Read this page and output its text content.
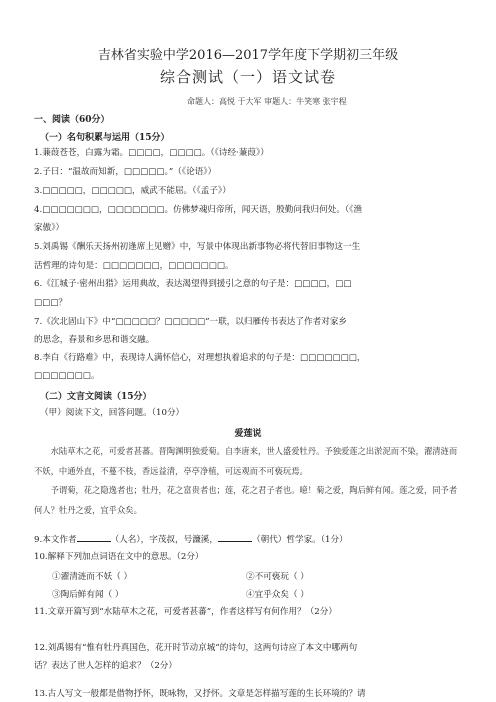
吉林省实验中学2016—2017学年度下学期初三年级
综合测试（一）语文试卷
命题人：高悦 于大军 审题人：牛笑寒 张宇程
一、阅读（60分）
（一）名句积累与运用（15分）
1.蒹葭苍苍，白露为霜。□□□□，□□□□。（《诗经·蒹葭》）
2.子曰：“温故而知新，□□□□□。”（《论语》）
3.□□□□□，□□□□□，威武不能屈。（《孟子》）
4.□□□□□□□，□□□□□□□。仿佛梦魂归帝所，闻天语，殷勤问我归何处。（《渔
家傲》）
5.刘禹锡《酬乐天扬州初逢席上见赠》中，写景中体现出新事物必将代替旧事物这一生
活哲理的诗句是：□□□□□□□，□□□□□□□。
6.《江城子·密州出猎》运用典故，表达渴望得到援引之意的句子是：□□□□，□□
□□□？
7.《次北固山下》中“□□□□□？□□□□□”一联，以归雁传书表达了作者对家乡
的思念，春景和乡思和谐交融。
8.李白《行路难》中，表现诗人满怀信心，对理想执着追求的句子是：□□□□□□□，
□□□□□□□。
（二）文言文阅读（15分）
（甲）阅读下文，回答问题。（10分）
爱莲说

水陆草木之花，可爱者甚蕃。晋陶渊明独爱菊。自李唐来，世人盛爱牡丹。予独爱莲之出淤泥而不染，濯清涟而不妖，中通外直，不蔓不枝，香远益清，亭亭净植，可远观而不可亵玩焉。

予谓菊，花之隐逸者也；牡丹，花之富贵者也；莲，花之君子者也。噫！菊之爱，陶后鲜有闻。莲之爱，同予者何人？牡丹之爱，宜乎众矣。

9.本文作者	（人名），字茂叔，号濂溪，	（朝代）哲学家。（1分）
10.解释下列加点词语在文中的意思。（2分）
①濯清涟而不妖（ ）	②不可亵玩（ ）
③陶后鲜有闻（ ）	④宜乎众矣（ ）
11.文章开篇写到“水陆草木之花，可爱者甚蕃”，作者这样写有何作用？（2分）
12.刘禹锡有“惟有牡丹真国色，花开时节动京城”的诗句，这两句诗应了本文中哪两句
话？表达了世人怎样的追求？（2分）
13.古人写文一般都是借物抒怀，既咏物，又抒怀。文章是怎样描写莲的生长环境的？请
